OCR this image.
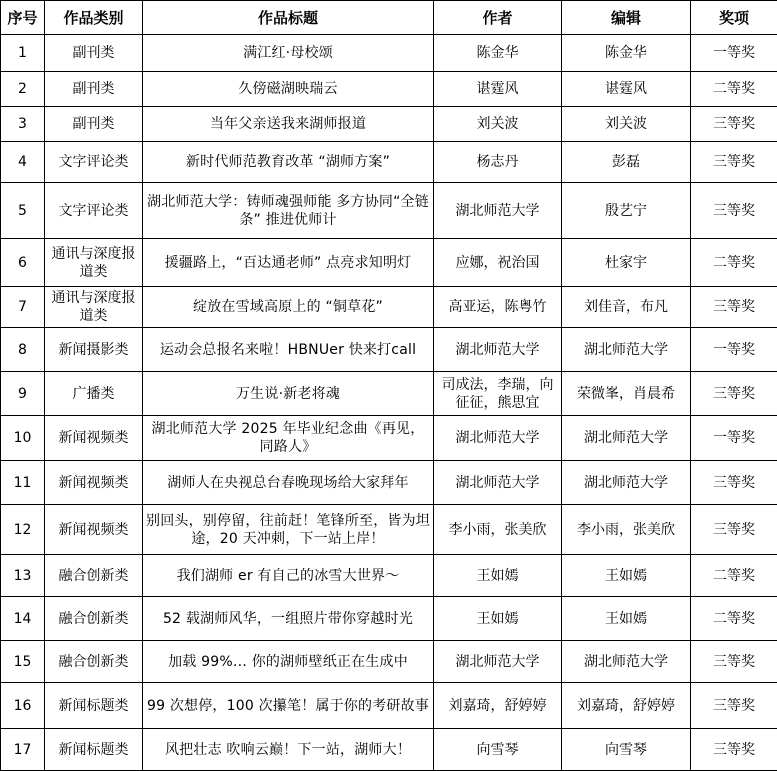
序号	作品类别	作品标题	作者	编辑	奖项
1	副刊类	满江红·母校颂	陈金华	陈金华	一等奖
2	副刊类	久傍磁湖映瑞云	谌霆风	谌霆风	二等奖
3	副刊类	当年父亲送我来湖师报道	刘关波	刘关波	三等奖
4	文字评论类	新时代师范教育改革 “湖师方案”	杨志丹	彭磊	三等奖
5	文字评论类	湖北师范大学：铸师魂强师能 多方协同“全链条” 推进优师计	湖北师范大学	殷艺宁	三等奖
6	通讯与深度报道类	援疆路上，“百达通老师” 点亮求知明灯	应娜，祝治国	杜家宇	二等奖
7	通讯与深度报道类	绽放在雪域高原上的 “铜草花”	高亚运，陈粤竹	刘佳音，布凡	三等奖
8	新闻摄影类	运动会总报名来啦！HBNUer 快来打call	湖北师范大学	湖北师范大学	一等奖
9	广播类	万生说·新老将魂	司成法，李瑞，向征征，熊思宜	荣微峯，肖晨希	三等奖
10	新闻视频类	湖北师范大学 2025 年毕业纪念曲《再见，同路人》	湖北师范大学	湖北师范大学	一等奖
11	新闻视频类	湖师人在央视总台春晚现场给大家拜年	湖北师范大学	湖北师范大学	三等奖
12	新闻视频类	别回头，别停留，往前赶！笔锋所至，皆为坦途，20 天冲刺，下一站上岸！	李小雨，张美欣	李小雨，张美欣	三等奖
13	融合创新类	我们湖师 er 有自己的冰雪大世界～	王如嫣	王如嫣	二等奖
14	融合创新类	52 载湖师风华，一组照片带你穿越时光	王如嫣	王如嫣	二等奖
15	融合创新类	加载 99%… 你的湖师壁纸正在生成中	湖北师范大学	湖北师范大学	三等奖
16	新闻标题类	99 次想停，100 次攥笔！属于你的考研故事	刘嘉琦，舒婷婷	刘嘉琦，舒婷婷	三等奖
17	新闻标题类	风把壮志 吹响云巅！下一站，湖师大！	向雪琴	向雪琴	三等奖
